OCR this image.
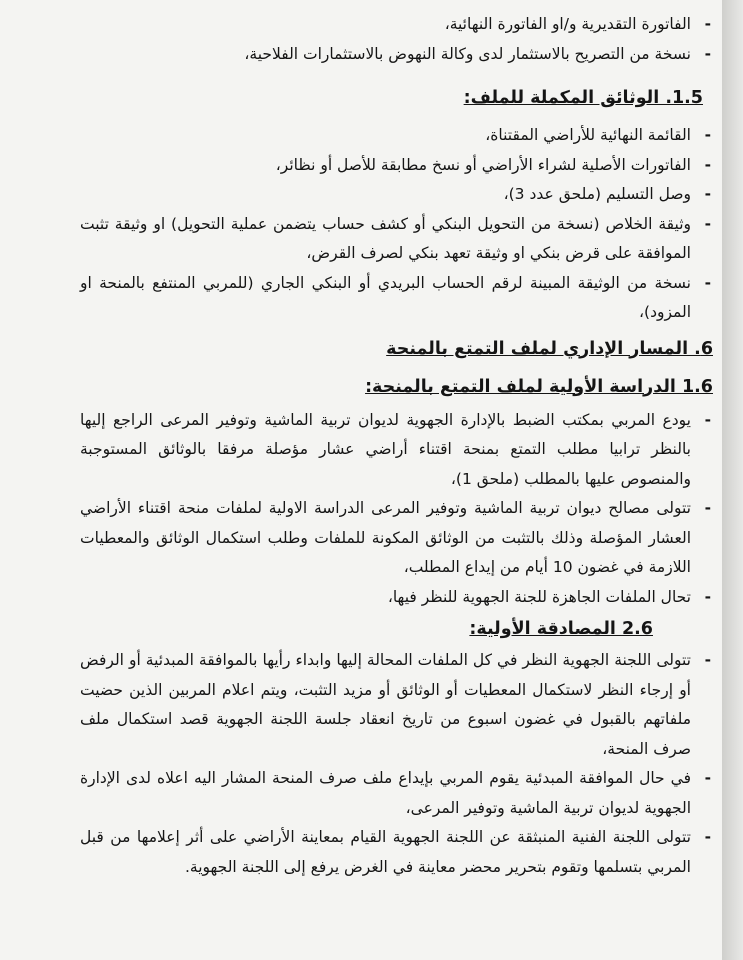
-
الفاتورة التقديرية و/او الفاتورة النهائية،
-
نسخة من التصريح بالاستثمار لدى وكالة النهوض بالاستثمارات الفلاحية،
1.5. الوثائق المكملة للملف:
-
القائمة النهائية للأراضي المقتناة،
-
الفاتورات الأصلية لشراء الأراضي أو نسخ مطابقة للأصل أو نظائر،
-
وصل التسليم (ملحق عدد 3)،
-
وثيقة الخلاص (نسخة من التحويل البنكي أو كشف حساب يتضمن عملية التحويل) او وثيقة تثبت الموافقة على قرض بنكي او وثيقة تعهد بنكي لصرف القرض،
-
نسخة من الوثيقة المبينة لرقم الحساب البريدي أو البنكي الجاري (للمربي المنتفع بالمنحة او المزود)،
6. المسار الإداري لملف التمتع بالمنحة
1.6 الدراسة الأولية لملف التمتع بالمنحة:
-
يودع المربي بمكتب الضبط بالإدارة الجهوية لديوان تربية الماشية وتوفير المرعى الراجع إليها بالنظر ترابيا مطلب التمتع بمنحة اقتناء أراضي عشار مؤصلة مرفقا بالوثائق المستوجبة والمنصوص عليها بالمطلب (ملحق 1)،
-
تتولى مصالح ديوان تربية الماشية وتوفير المرعى الدراسة الاولية لملفات منحة اقتناء الأراضي العشار المؤصلة وذلك بالتثبت من الوثائق المكونة للملفات وطلب استكمال الوثائق والمعطيات اللازمة في غضون 10 أيام من إيداع المطلب،
-
تحال الملفات الجاهزة للجنة الجهوية للنظر فيها،
2.6 المصادقة الأولية:
-
تتولى اللجنة الجهوية النظر في كل الملفات المحالة إليها وابداء رأيها بالموافقة المبدئية أو الرفض أو إرجاء النظر لاستكمال المعطيات أو الوثائق أو مزيد التثبت، ويتم اعلام المربين الذين حضيت ملفاتهم بالقبول في غضون اسبوع من تاريخ انعقاد جلسة اللجنة الجهوية قصد استكمال ملف صرف المنحة،
-
في حال الموافقة المبدئية يقوم المربي بإيداع ملف صرف المنحة المشار اليه اعلاه لدى الإدارة الجهوية لديوان تربية الماشية وتوفير المرعى،
-
تتولى اللجنة الفنية المنبثقة عن اللجنة الجهوية القيام بمعاينة الأراضي على أثر إعلامها من قبل المربي بتسلمها وتقوم بتحرير محضر معاينة في الغرض يرفع إلى اللجنة الجهوية.
